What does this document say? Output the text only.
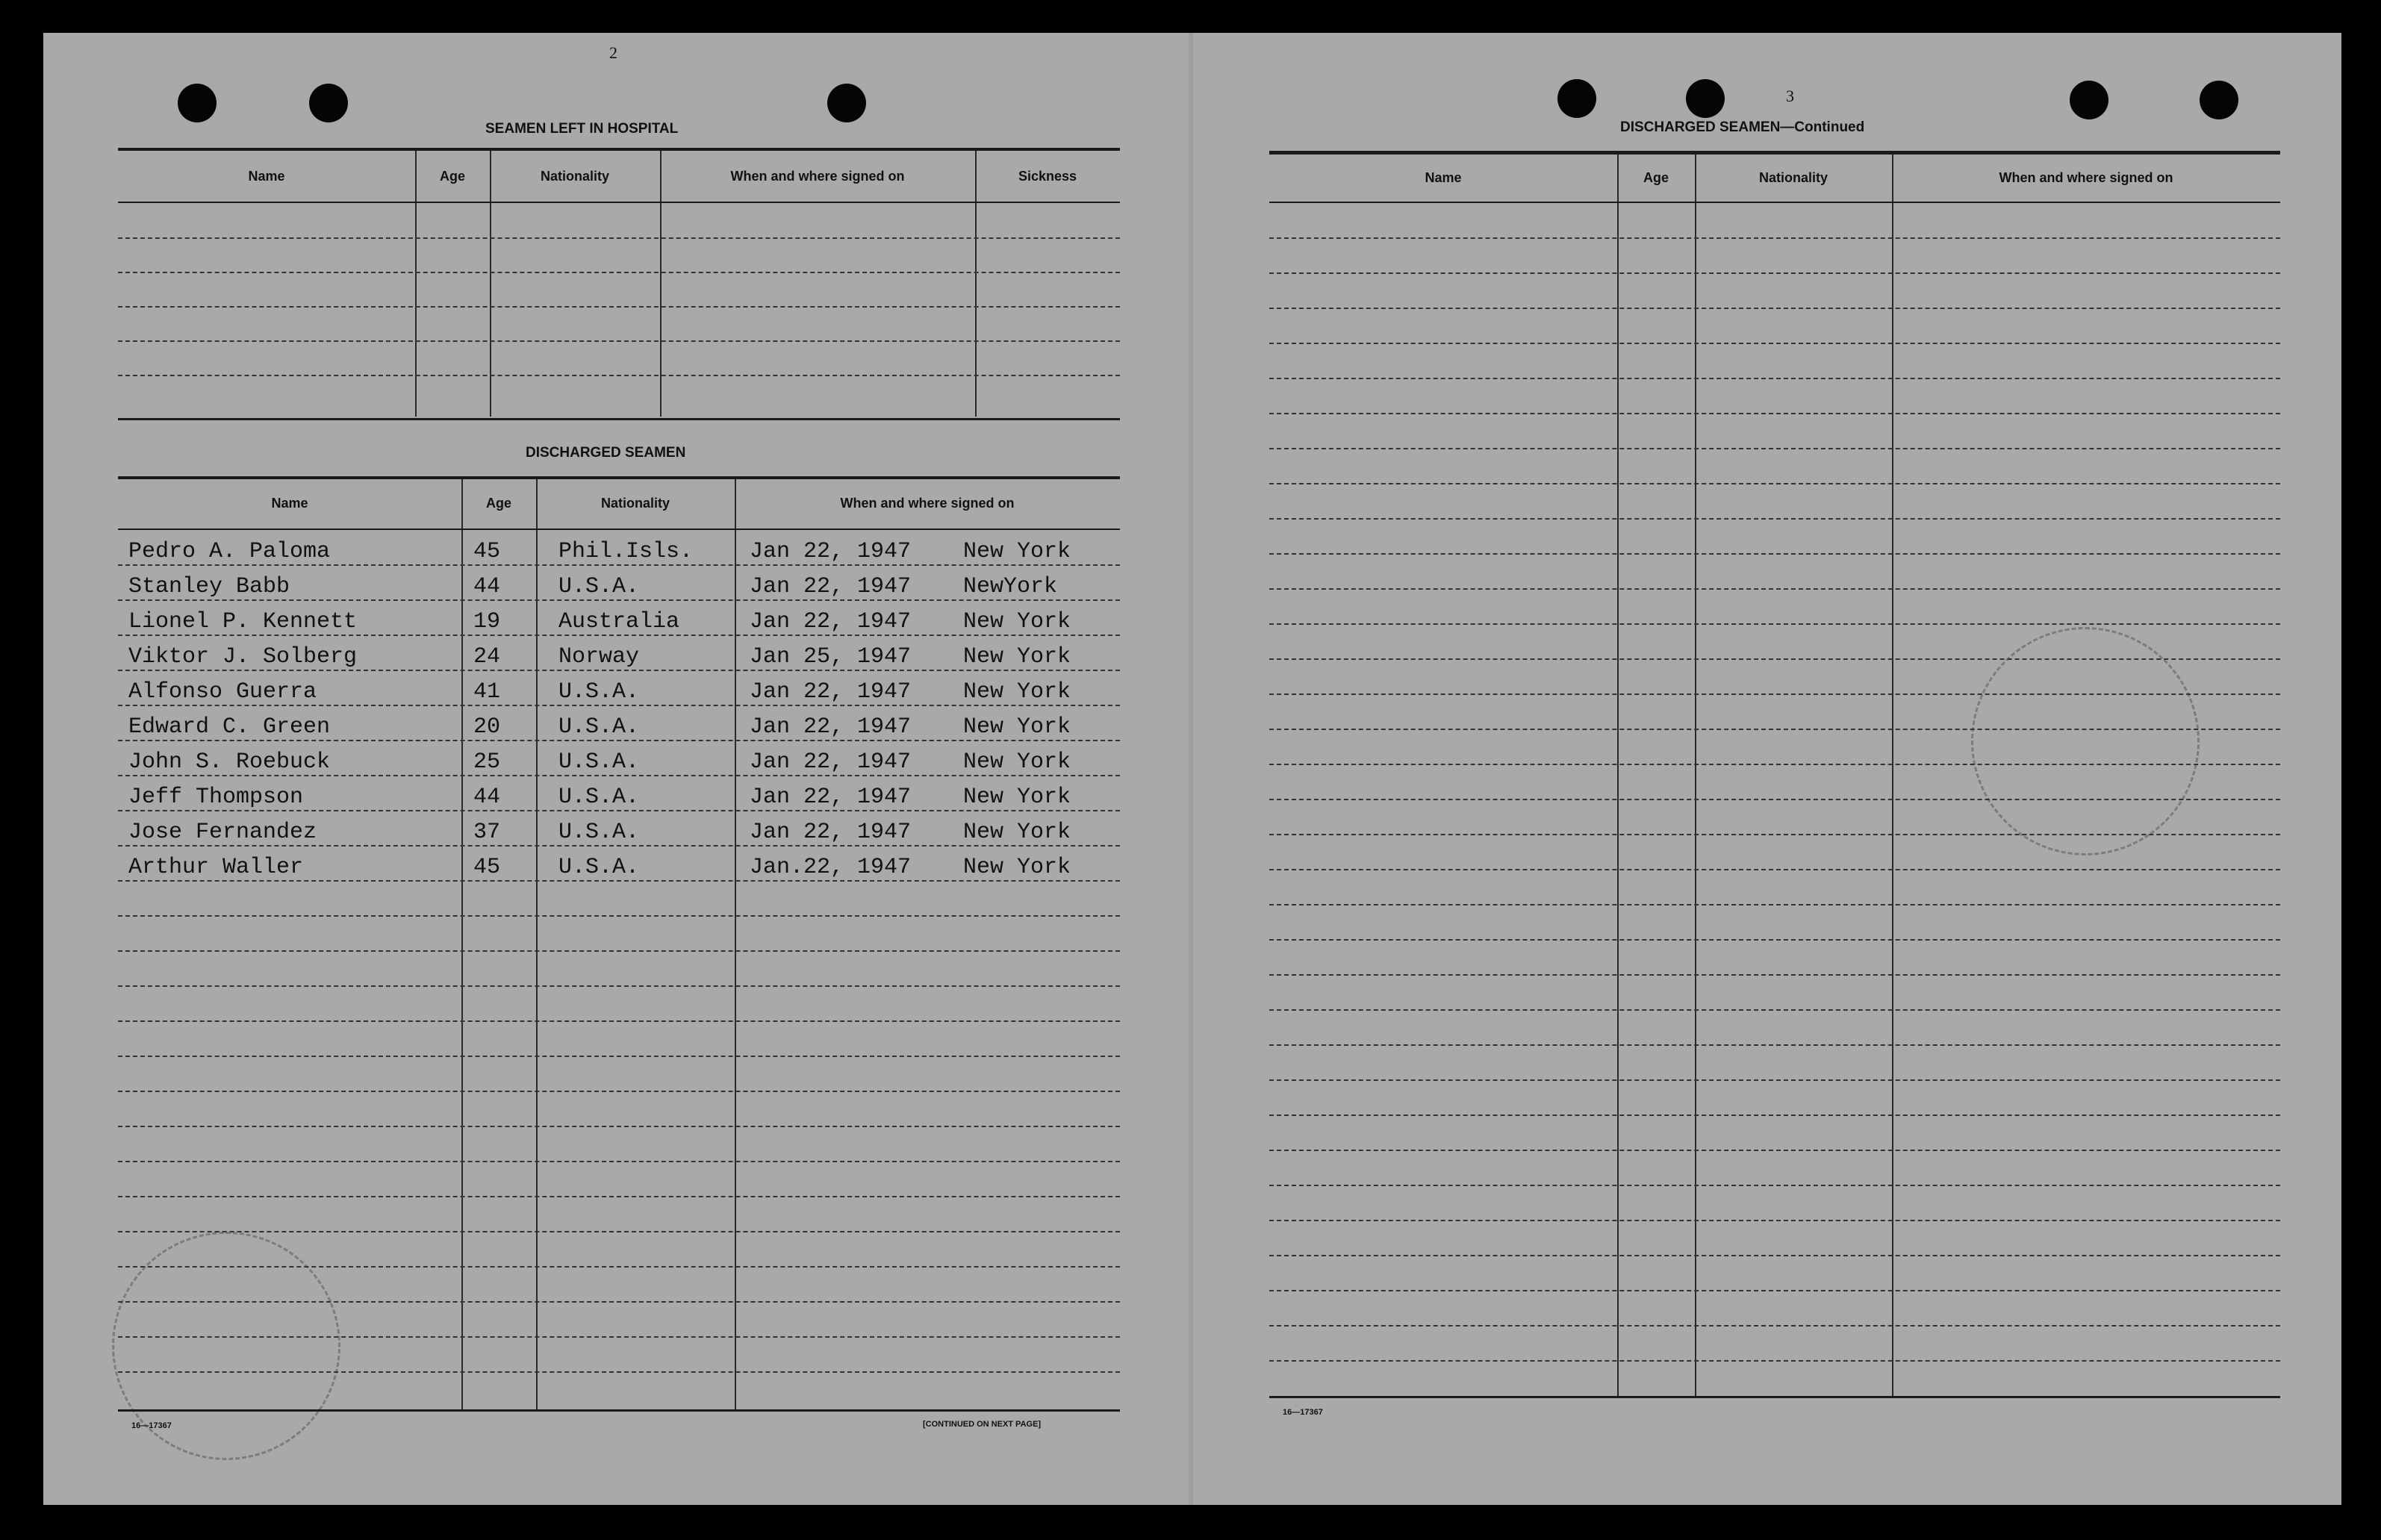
2
SEAMEN LEFT IN HOSPITAL
Name	Age	Nationality	When and where signed on	Sickness
DISCHARGED SEAMEN
Name	Age	Nationality	When and where signed on
Pedro A. Paloma	45	Phil.Isls.	Jan 22, 1947 New York
Stanley Babb	44	U.S.A.	Jan 22, 1947 NewYork
Lionel P. Kennett	19	Australia	Jan 22, 1947 New York
Viktor J. Solberg	24	Norway	Jan 25, 1947 New York
Alfonso Guerra	41	U.S.A.	Jan 22, 1947 New York
Edward C. Green	20	U.S.A.	Jan 22, 1947 New York
John S. Roebuck	25	U.S.A.	Jan 22, 1947 New York
Jeff Thompson	44	U.S.A.	Jan 22, 1947 New York
Jose Fernandez	37	U.S.A.	Jan 22, 1947 New York
Arthur Waller	45	U.S.A.	Jan.22, 1947 New York
16—17367	[CONTINUED ON NEXT PAGE]
3
DISCHARGED SEAMEN—Continued
Name	Age	Nationality	When and where signed on
16—17367
